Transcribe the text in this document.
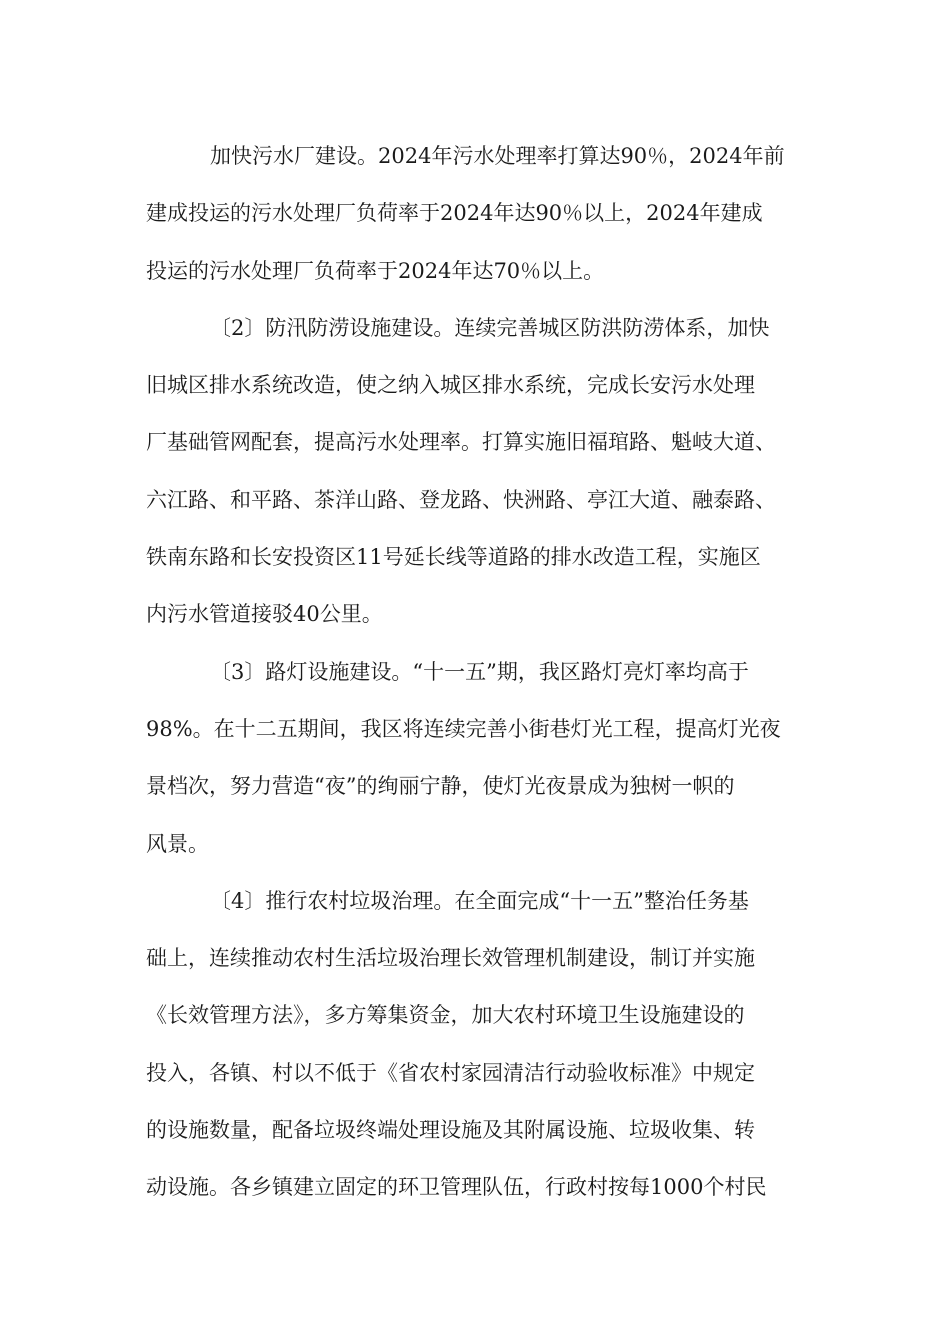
加快污水厂建设。2024年污水处理率打算达90％，2024年前
建成投运的污水处理厂负荷率于2024年达90％以上，2024年建成
投运的污水处理厂负荷率于2024年达70％以上。
〔2〕防汛防涝设施建设。连续完善城区防洪防涝体系，加快
旧城区排水系统改造，使之纳入城区排水系统，完成长安污水处理
厂基础管网配套，提高污水处理率。打算实施旧福琯路、魁岐大道、
六江路、和平路、茶洋山路、登龙路、快洲路、亭江大道、融泰路、
铁南东路和长安投资区11号延长线等道路的排水改造工程，实施区
内污水管道接驳40公里。
〔3〕路灯设施建设。“十一五”期，我区路灯亮灯率均高于
98%。在十二五期间，我区将连续完善小街巷灯光工程，提高灯光夜
景档次，努力营造“夜”的绚丽宁静，使灯光夜景成为独树一帜的
风景。
〔4〕推行农村垃圾治理。在全面完成“十一五”整治任务基
础上，连续推动农村生活垃圾治理长效管理机制建设，制订并实施
《长效管理方法》，多方筹集资金，加大农村环境卫生设施建设的
投入，各镇、村以不低于《省农村家园清洁行动验收标准》中规定
的设施数量，配备垃圾终端处理设施及其附属设施、垃圾收集、转
动设施。各乡镇建立固定的环卫管理队伍，行政村按每1000个村民
